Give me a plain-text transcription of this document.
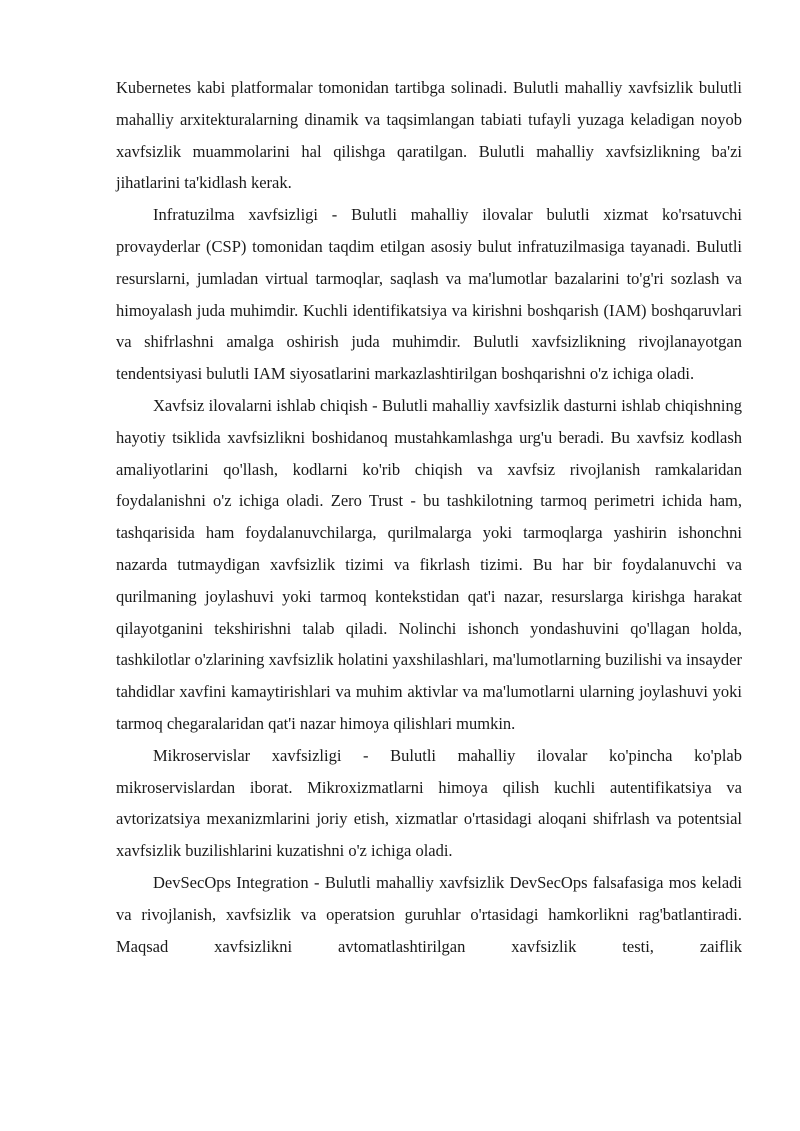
Kubernetes kabi platformalar tomonidan tartibga solinadi. Bulutli mahalliy xavfsizlik bulutli mahalliy arxitekturalarning dinamik va taqsimlangan tabiati tufayli yuzaga keladigan noyob xavfsizlik muammolarini hal qilishga qaratilgan. Bulutli mahalliy xavfsizlikning ba'zi jihatlarini ta'kidlash kerak.

Infratuzilma xavfsizligi - Bulutli mahalliy ilovalar bulutli xizmat ko'rsatuvchi provayderlar (CSP) tomonidan taqdim etilgan asosiy bulut infratuzilmasiga tayanadi. Bulutli resurslarni, jumladan virtual tarmoqlar, saqlash va ma'lumotlar bazalarini to'g'ri sozlash va himoyalash juda muhimdir. Kuchli identifikatsiya va kirishni boshqarish (IAM) boshqaruvlari va shifrlashni amalga oshirish juda muhimdir. Bulutli xavfsizlikning rivojlanayotgan tendentsiyasi bulutli IAM siyosatlarini markazlashtirilgan boshqarishni o'z ichiga oladi.

Xavfsiz ilovalarni ishlab chiqish - Bulutli mahalliy xavfsizlik dasturni ishlab chiqishning hayotiy tsiklida xavfsizlikni boshidanoq mustahkamlashga urg'u beradi. Bu xavfsiz kodlash amaliyotlarini qo'llash, kodlarni ko'rib chiqish va xavfsiz rivojlanish ramkalaridan foydalanishni o'z ichiga oladi. Zero Trust - bu tashkilotning tarmoq perimetri ichida ham, tashqarisida ham foydalanuvchilarga, qurilmalarga yoki tarmoqlarga yashirin ishonchni nazarda tutmaydigan xavfsizlik tizimi va fikrlash tizimi. Bu har bir foydalanuvchi va qurilmaning joylashuvi yoki tarmoq kontekstidan qat'i nazar, resurslarga kirishga harakat qilayotganini tekshirishni talab qiladi. Nolinchi ishonch yondashuvini qo'llagan holda, tashkilotlar o'zlarining xavfsizlik holatini yaxshilashlari, ma'lumotlarning buzilishi va insayder tahdidlar xavfini kamaytirishlari va muhim aktivlar va ma'lumotlarni ularning joylashuvi yoki tarmoq chegaralaridan qat'i nazar himoya qilishlari mumkin.

Mikroservislar xavfsizligi - Bulutli mahalliy ilovalar ko'pincha ko'plab mikroservislardan iborat. Mikroxizmatlarni himoya qilish kuchli autentifikatsiya va avtorizatsiya mexanizmlarini joriy etish, xizmatlar o'rtasidagi aloqani shifrlash va potentsial xavfsizlik buzilishlarini kuzatishni o'z ichiga oladi.

DevSecOps Integration - Bulutli mahalliy xavfsizlik DevSecOps falsafasiga mos keladi va rivojlanish, xavfsizlik va operatsion guruhlar o'rtasidagi hamkorlikni rag'batlantiradi. Maqsad xavfsizlikni avtomatlashtirilgan xavfsizlik testi, zaiflik
